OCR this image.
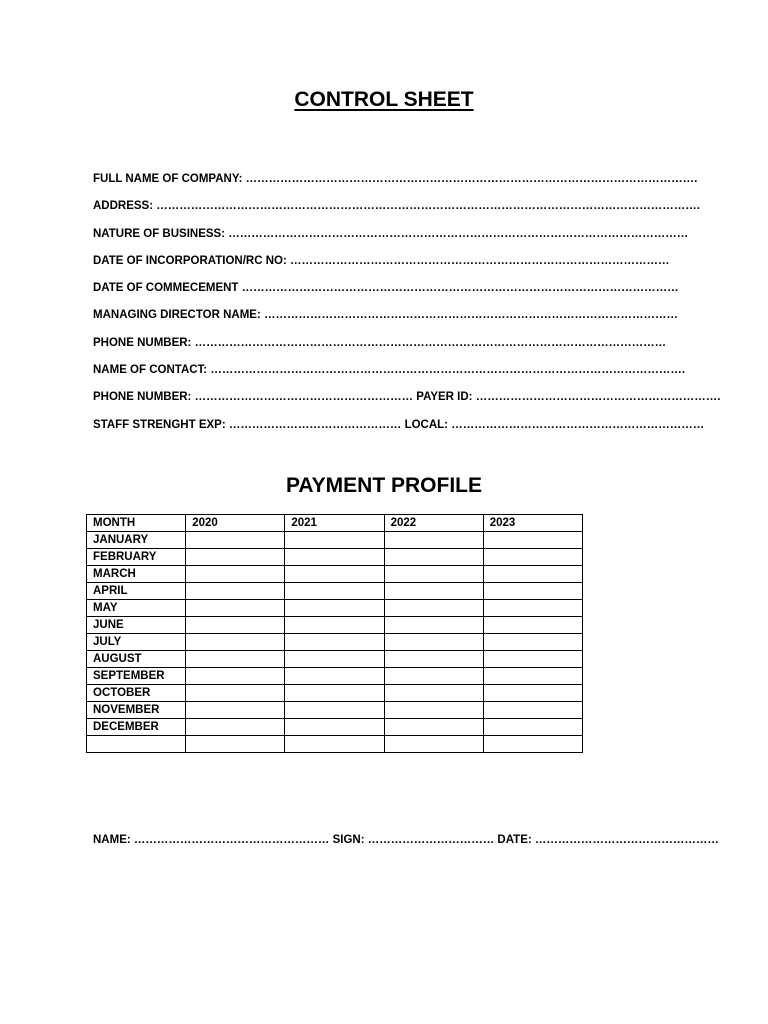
CONTROL SHEET
FULL NAME OF COMPANY: ……………………………………………………………………………………………………….
ADDRESS: …………………………………………………………………………………………………………………………….
NATURE OF BUSINESS: …………………………………………………………………………………………………………
DATE OF INCORPORATION/RC NO: ………………………………………………………………………………………
DATE OF COMMECEMENT ……………………………………………………………………………………………………
MANAGING DIRECTOR NAME: ………………………………………………………………………………………………
PHONE NUMBER: ……………………………………………………………………………………………………………
NAME OF CONTACT: …………………………………………………………………………………………………………….
PHONE NUMBER: ………………………………………………… PAYER ID: ……………………………………………………….
STAFF STRENGHT EXP: ……………………………………… LOCAL: …………………………………………………………
PAYMENT PROFILE
MONTH	2020	2021	2022	2023
JANUARY				
FEBRUARY				
MARCH				
APRIL				
MAY				
JUNE				
JULY				
AUGUST				
SEPTEMBER				
OCTOBER				
NOVEMBER				
DECEMBER				

NAME: …………………………………………… SIGN: …………………………… DATE: …………………………………………
